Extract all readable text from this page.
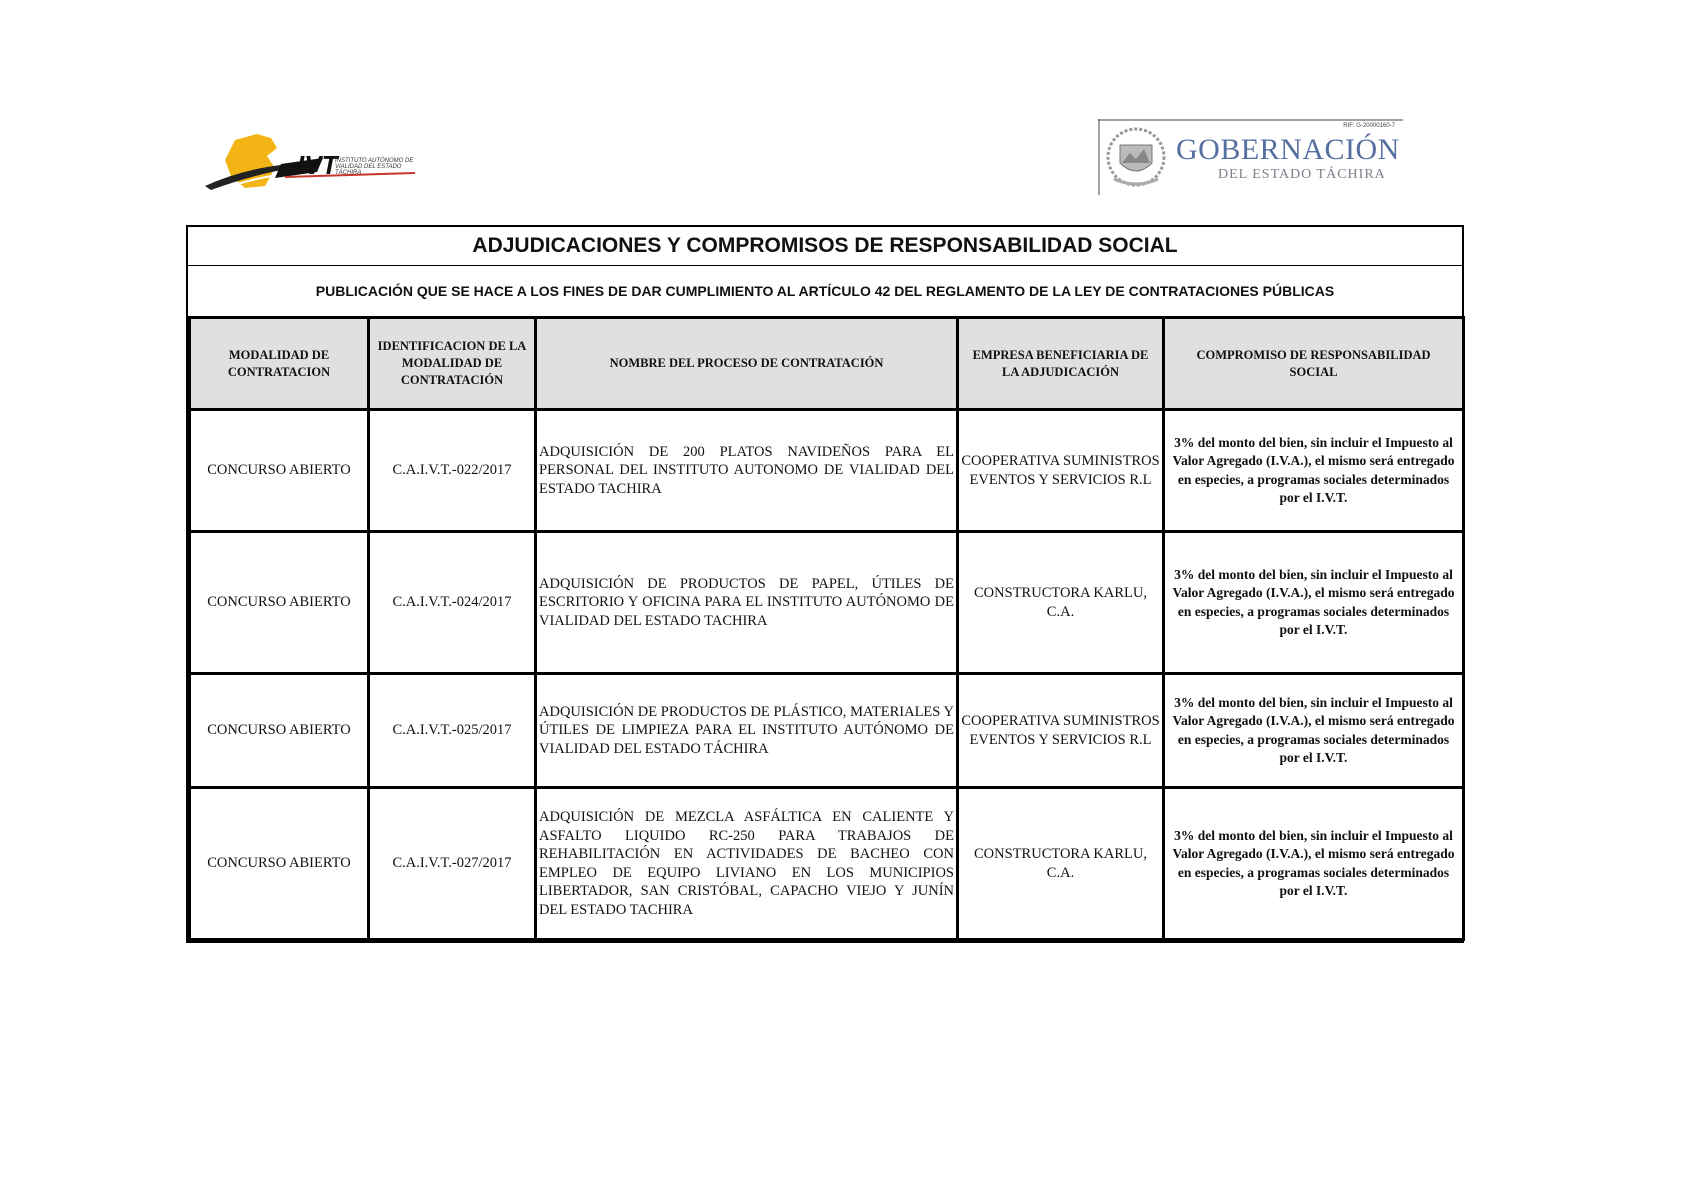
IVT
INSTITUTO AUTÓNOMO DE VIALIDAD DEL ESTADO TÁCHIRA
RIF: G-20000160-7
GOBERNACIÓN
DEL ESTADO TÁCHIRA
ADJUDICACIONES Y COMPROMISOS DE RESPONSABILIDAD SOCIAL
PUBLICACIÓN QUE SE HACE A LOS FINES DE DAR CUMPLIMIENTO AL ARTÍCULO 42 DEL REGLAMENTO DE LA LEY DE CONTRATACIONES PÚBLICAS
MODALIDAD DE CONTRATACION	IDENTIFICACION DE LA MODALIDAD DE CONTRATACIÓN	NOMBRE DEL PROCESO DE CONTRATACIÓN	EMPRESA BENEFICIARIA DE LA ADJUDICACIÓN	COMPROMISO DE RESPONSABILIDAD SOCIAL
CONCURSO ABIERTO	C.A.I.V.T.-022/2017	ADQUISICIÓN DE 200 PLATOS NAVIDEÑOS PARA EL PERSONAL DEL INSTITUTO AUTONOMO DE VIALIDAD DEL ESTADO TACHIRA	COOPERATIVA SUMINISTROS EVENTOS Y SERVICIOS R.L	3% del monto del bien, sin incluir el Impuesto al Valor Agregado (I.V.A.), el mismo será entregado en especies, a programas sociales determinados por el I.V.T.
CONCURSO ABIERTO	C.A.I.V.T.-024/2017	ADQUISICIÓN DE PRODUCTOS DE PAPEL, ÚTILES DE ESCRITORIO Y OFICINA PARA EL INSTITUTO AUTÓNOMO DE VIALIDAD DEL ESTADO TACHIRA	CONSTRUCTORA KARLU, C.A.	3% del monto del bien, sin incluir el Impuesto al Valor Agregado (I.V.A.), el mismo será entregado en especies, a programas sociales determinados por el I.V.T.
CONCURSO ABIERTO	C.A.I.V.T.-025/2017	ADQUISICIÓN DE PRODUCTOS DE PLÁSTICO, MATERIALES Y ÚTILES DE LIMPIEZA PARA EL INSTITUTO AUTÓNOMO DE VIALIDAD DEL ESTADO TÁCHIRA	COOPERATIVA SUMINISTROS EVENTOS Y SERVICIOS R.L	3% del monto del bien, sin incluir el Impuesto al Valor Agregado (I.V.A.), el mismo será entregado en especies, a programas sociales determinados por el I.V.T.
CONCURSO ABIERTO	C.A.I.V.T.-027/2017	ADQUISICIÓN DE MEZCLA ASFÁLTICA EN CALIENTE Y ASFALTO LIQUIDO RC-250 PARA TRABAJOS DE REHABILITACIÓN EN ACTIVIDADES DE BACHEO CON EMPLEO DE EQUIPO LIVIANO EN LOS MUNICIPIOS LIBERTADOR, SAN CRISTÓBAL, CAPACHO VIEJO Y JUNÍN DEL ESTADO TACHIRA	CONSTRUCTORA KARLU, C.A.	3% del monto del bien, sin incluir el Impuesto al Valor Agregado (I.V.A.), el mismo será entregado en especies, a programas sociales determinados por el I.V.T.
